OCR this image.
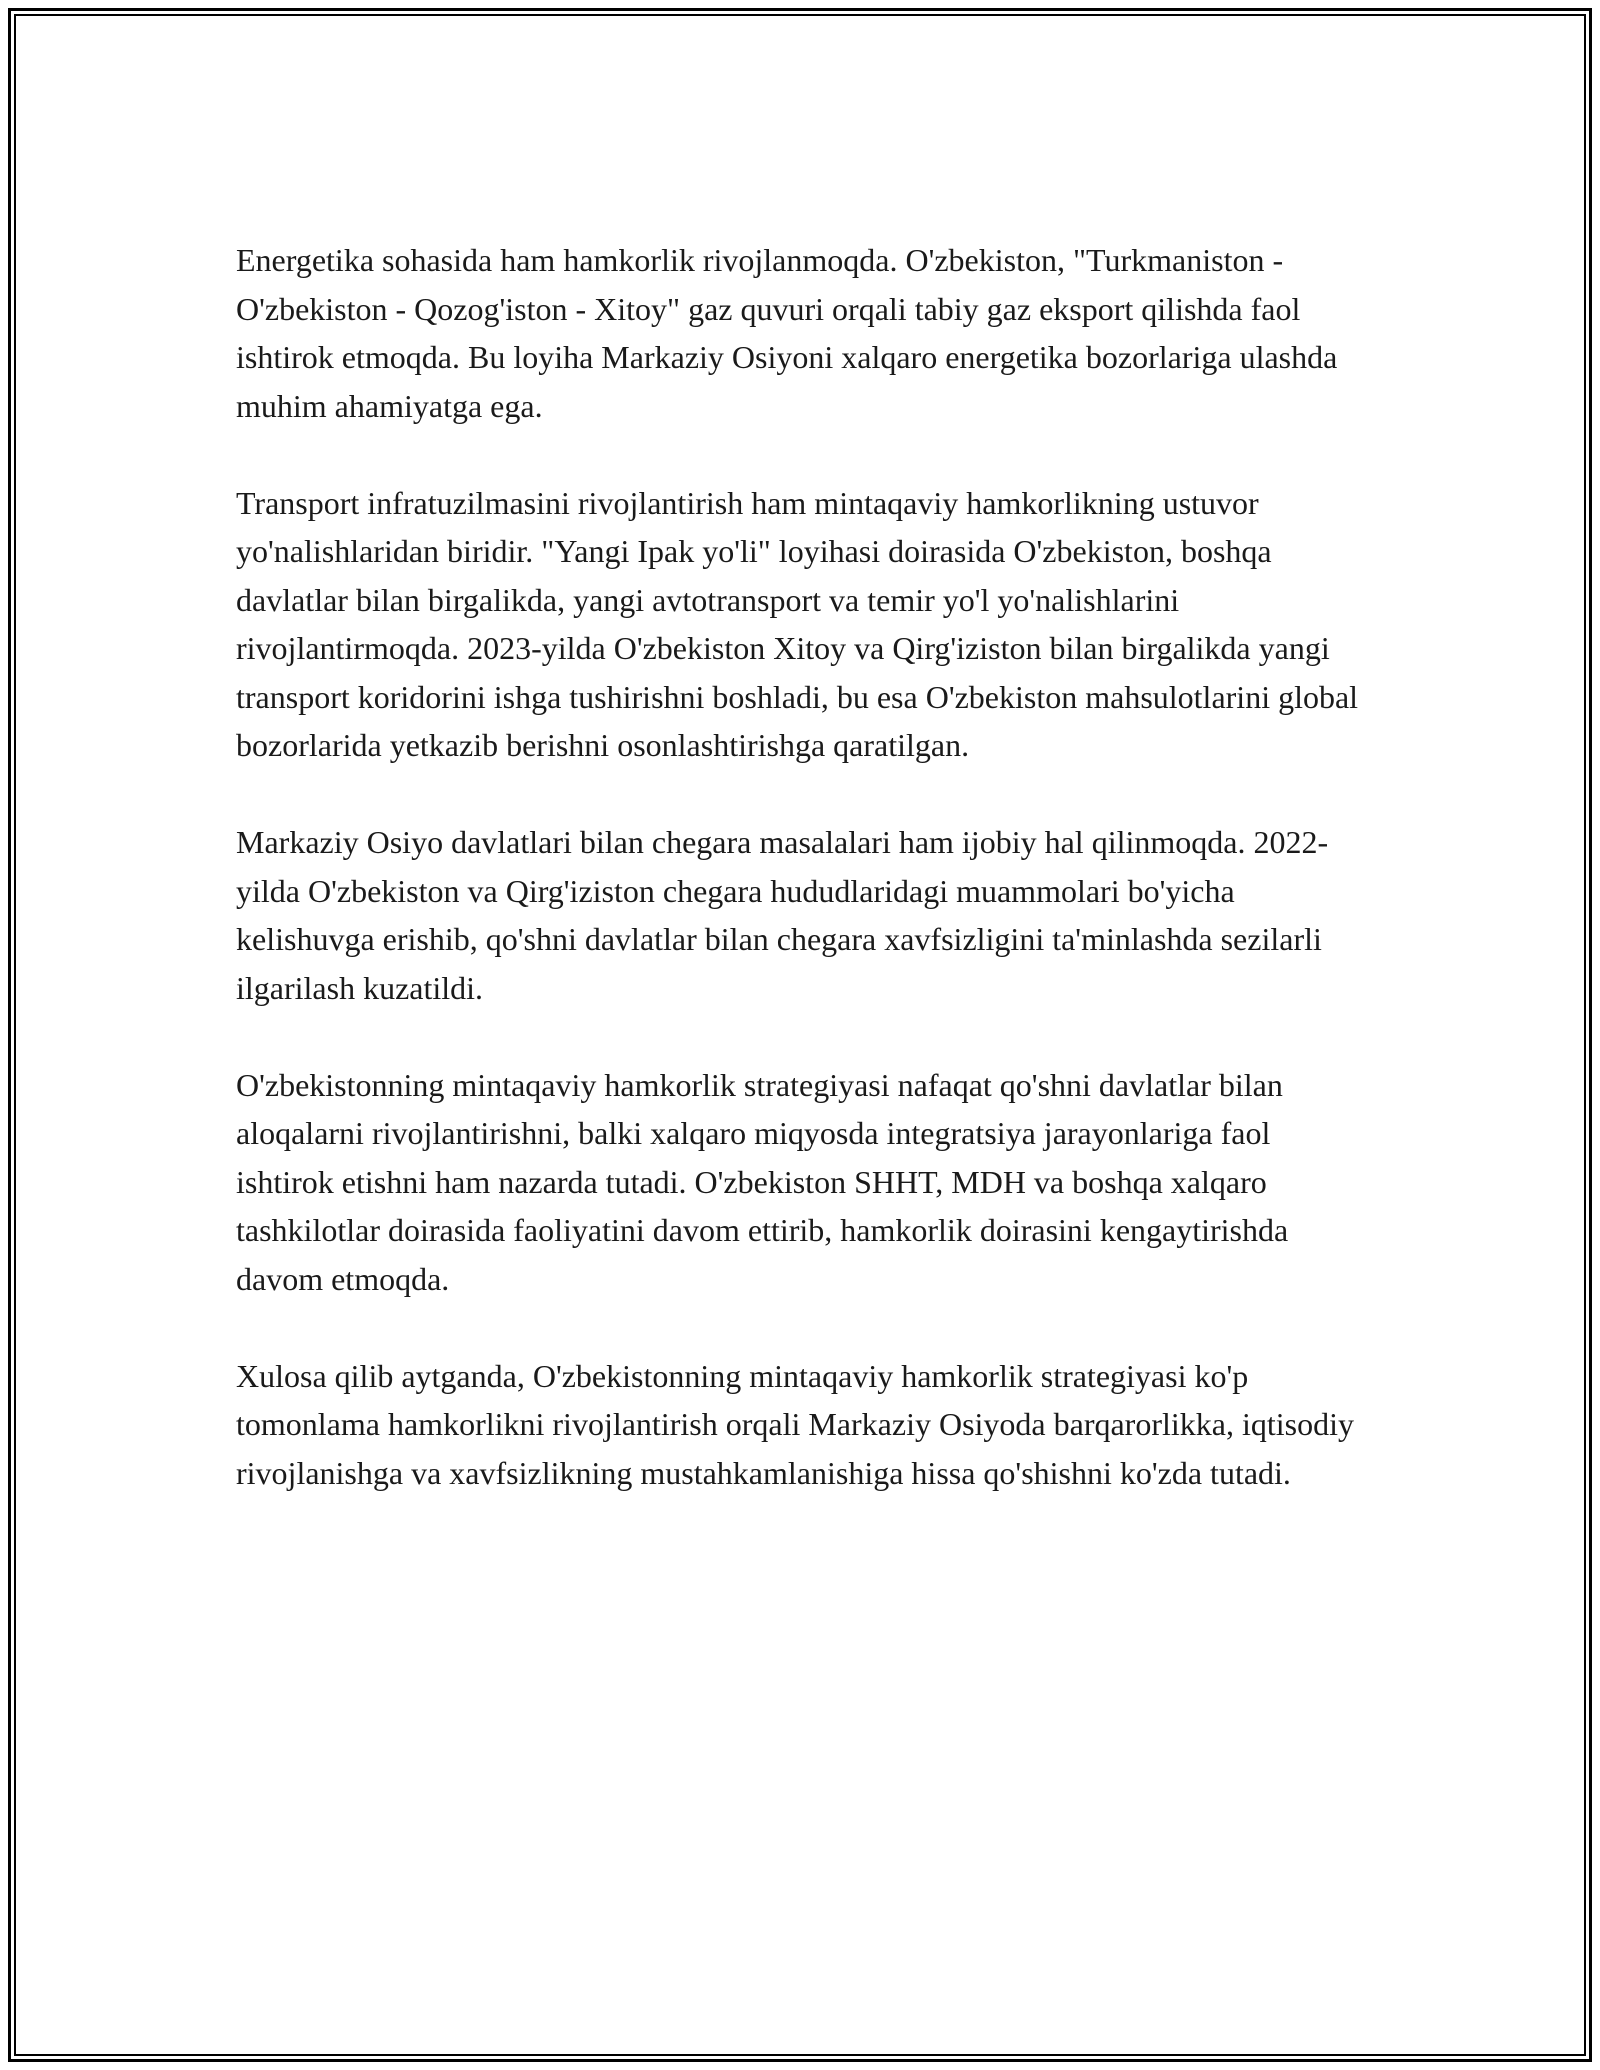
Energetika sohasida ham hamkorlik rivojlanmoqda. O'zbekiston, "Turkmaniston - O'zbekiston - Qozog'iston - Xitoy" gaz quvuri orqali tabiy gaz eksport qilishda faol ishtirok etmoqda. Bu loyiha Markaziy Osiyoni xalqaro energetika bozorlariga ulashda muhim ahamiyatga ega.

Transport infratuzilmasini rivojlantirish ham mintaqaviy hamkorlikning ustuvor yo'nalishlaridan biridir. "Yangi Ipak yo'li" loyihasi doirasida O'zbekiston, boshqa davlatlar bilan birgalikda, yangi avtotransport va temir yo'l yo'nalishlarini rivojlantirmoqda. 2023-yilda O'zbekiston Xitoy va Qirg'iziston bilan birgalikda yangi transport koridorini ishga tushirishni boshladi, bu esa O'zbekiston mahsulotlarini global bozorlarida yetkazib berishni osonlashtirishga qaratilgan.

Markaziy Osiyo davlatlari bilan chegara masalalari ham ijobiy hal qilinmoqda. 2022-yilda O'zbekiston va Qirg'iziston chegara hududlaridagi muammolari bo'yicha kelishuvga erishib, qo'shni davlatlar bilan chegara xavfsizligini ta'minlashda sezilarli ilgarilash kuzatildi.

O'zbekistonning mintaqaviy hamkorlik strategiyasi nafaqat qo'shni davlatlar bilan aloqalarni rivojlantirishni, balki xalqaro miqyosda integratsiya jarayonlariga faol ishtirok etishni ham nazarda tutadi. O'zbekiston SHHT, MDH va boshqa xalqaro tashkilotlar doirasida faoliyatini davom ettirib, hamkorlik doirasini kengaytirishda davom etmoqda.

Xulosa qilib aytganda, O'zbekistonning mintaqaviy hamkorlik strategiyasi ko'p tomonlama hamkorlikni rivojlantirish orqali Markaziy Osiyoda barqarorlikka, iqtisodiy rivojlanishga va xavfsizlikning mustahkamlanishiga hissa qo'shishni ko'zda tutadi.
